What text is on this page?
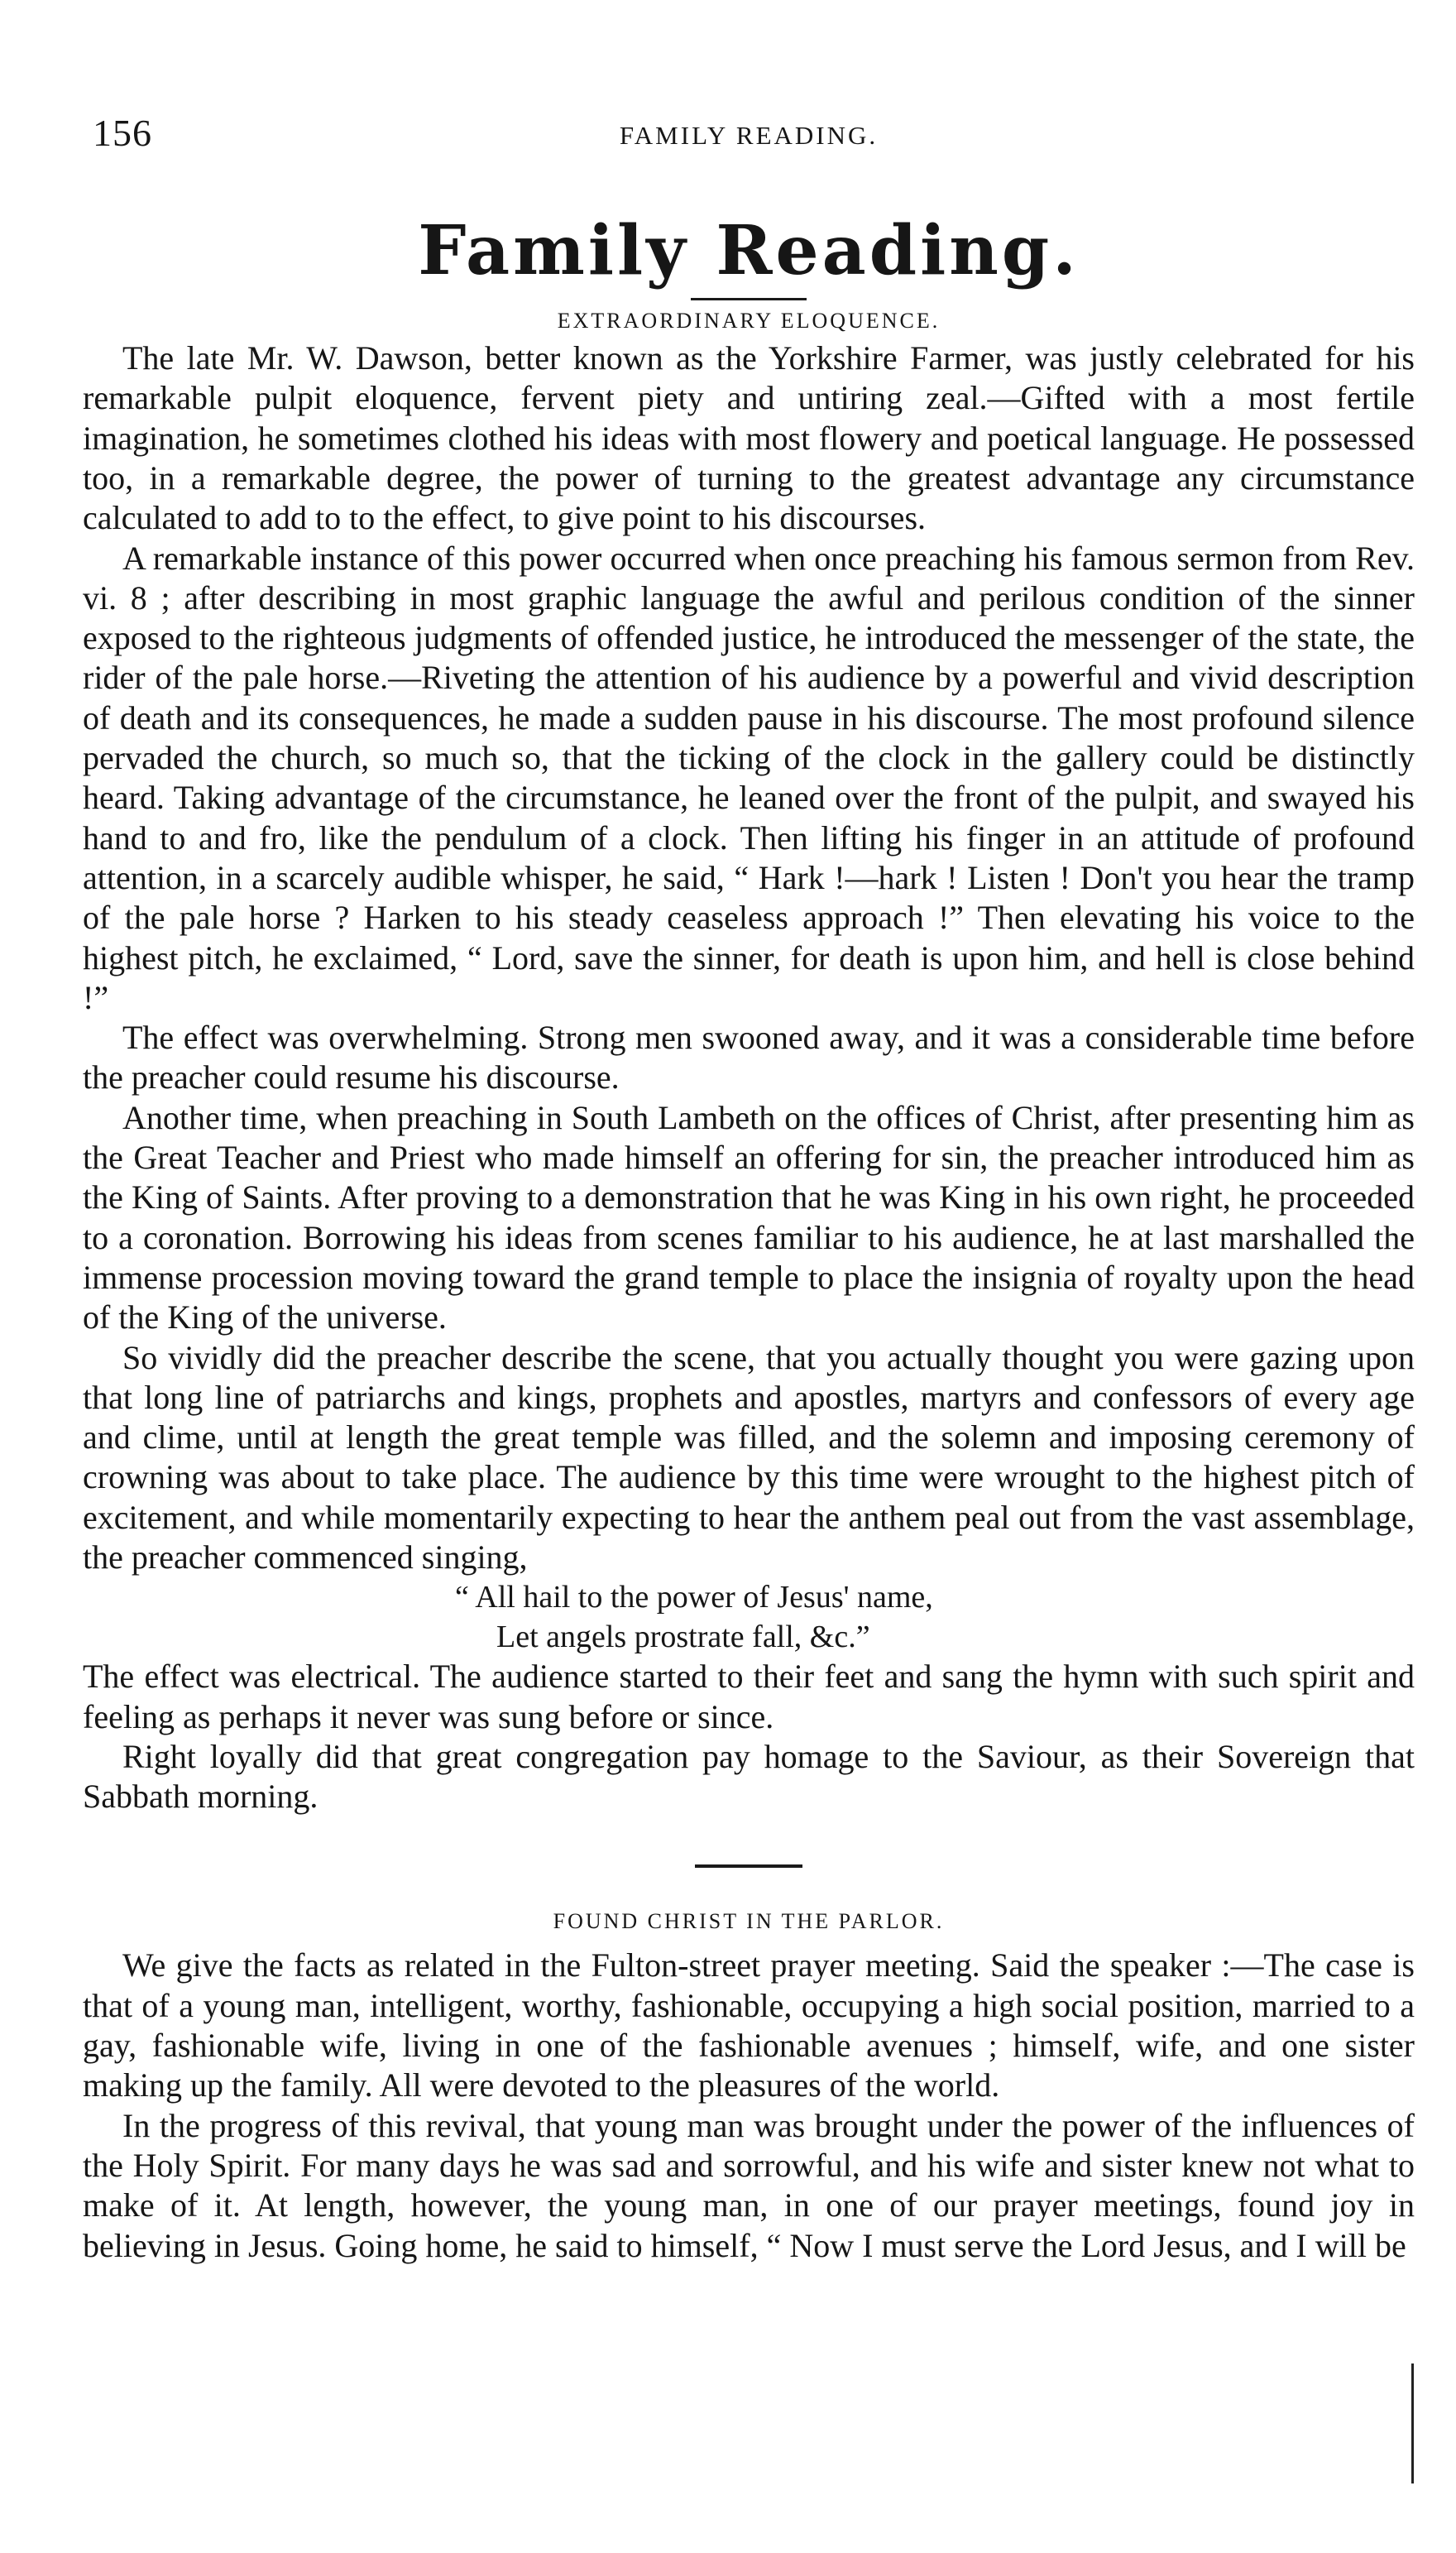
156	FAMILY READING.
Family Reading.
EXTRAORDINARY ELOQUENCE.

The late Mr. W. Dawson, better known as the Yorkshire Farmer, was justly celebrated for his remarkable pulpit eloquence, fervent piety and untiring zeal.—Gifted with a most fertile imagination, he sometimes clothed his ideas with most flowery and poetical language. He possessed too, in a remarkable degree, the power of turning to the greatest advantage any circumstance calculated to add to to the effect, to give point to his discourses.

A remarkable instance of this power occurred when once preaching his famous sermon from Rev. vi. 8 ; after describing in most graphic language the awful and perilous condition of the sinner exposed to the righteous judgments of offended justice, he introduced the messenger of the state, the rider of the pale horse.—Riveting the attention of his audience by a powerful and vivid description of death and its consequences, he made a sudden pause in his discourse. The most profound silence pervaded the church, so much so, that the ticking of the clock in the gallery could be distinctly heard. Taking advantage of the circumstance, he leaned over the front of the pulpit, and swayed his hand to and fro, like the pendulum of a clock. Then lifting his finger in an attitude of profound attention, in a scarcely audible whisper, he said, “ Hark !—hark ! Listen ! Don't you hear the tramp of the pale horse ? Harken to his steady ceaseless approach !” Then elevating his voice to the highest pitch, he exclaimed, “ Lord, save the sinner, for death is upon him, and hell is close behind !”

The effect was overwhelming. Strong men swooned away, and it was a considerable time before the preacher could resume his discourse.

Another time, when preaching in South Lambeth on the offices of Christ, after presenting him as the Great Teacher and Priest who made himself an offering for sin, the preacher introduced him as the King of Saints. After proving to a demonstration that he was King in his own right, he proceeded to a coronation. Borrowing his ideas from scenes familiar to his audience, he at last marshalled the immense procession moving toward the grand temple to place the insignia of royalty upon the head of the King of the universe.

So vividly did the preacher describe the scene, that you actually thought you were gazing upon that long line of patriarchs and kings, prophets and apostles, martyrs and confessors of every age and clime, until at length the great temple was filled, and the solemn and imposing ceremony of crowning was about to take place. The audience by this time were wrought to the highest pitch of excitement, and while momentarily expecting to hear the anthem peal out from the vast assemblage, the preacher commenced singing,

“ All hail to the power of Jesus' name,

Let angels prostrate fall, &c.”

The effect was electrical. The audience started to their feet and sang the hymn with such spirit and feeling as perhaps it never was sung before or since.

Right loyally did that great congregation pay homage to the Saviour, as their Sovereign that Sabbath morning.

FOUND CHRIST IN THE PARLOR.

We give the facts as related in the Fulton-street prayer meeting. Said the speaker :—The case is that of a young man, intelligent, worthy, fashionable, occupying a high social position, married to a gay, fashionable wife, living in one of the fashionable avenues ; himself, wife, and one sister making up the family. All were devoted to the pleasures of the world.

In the progress of this revival, that young man was brought under the power of the influences of the Holy Spirit. For many days he was sad and sorrowful, and his wife and sister knew not what to make of it. At length, however, the young man, in one of our prayer meetings, found joy in believing in Jesus. Going home, he said to himself, “ Now I must serve the Lord Jesus, and I will be
